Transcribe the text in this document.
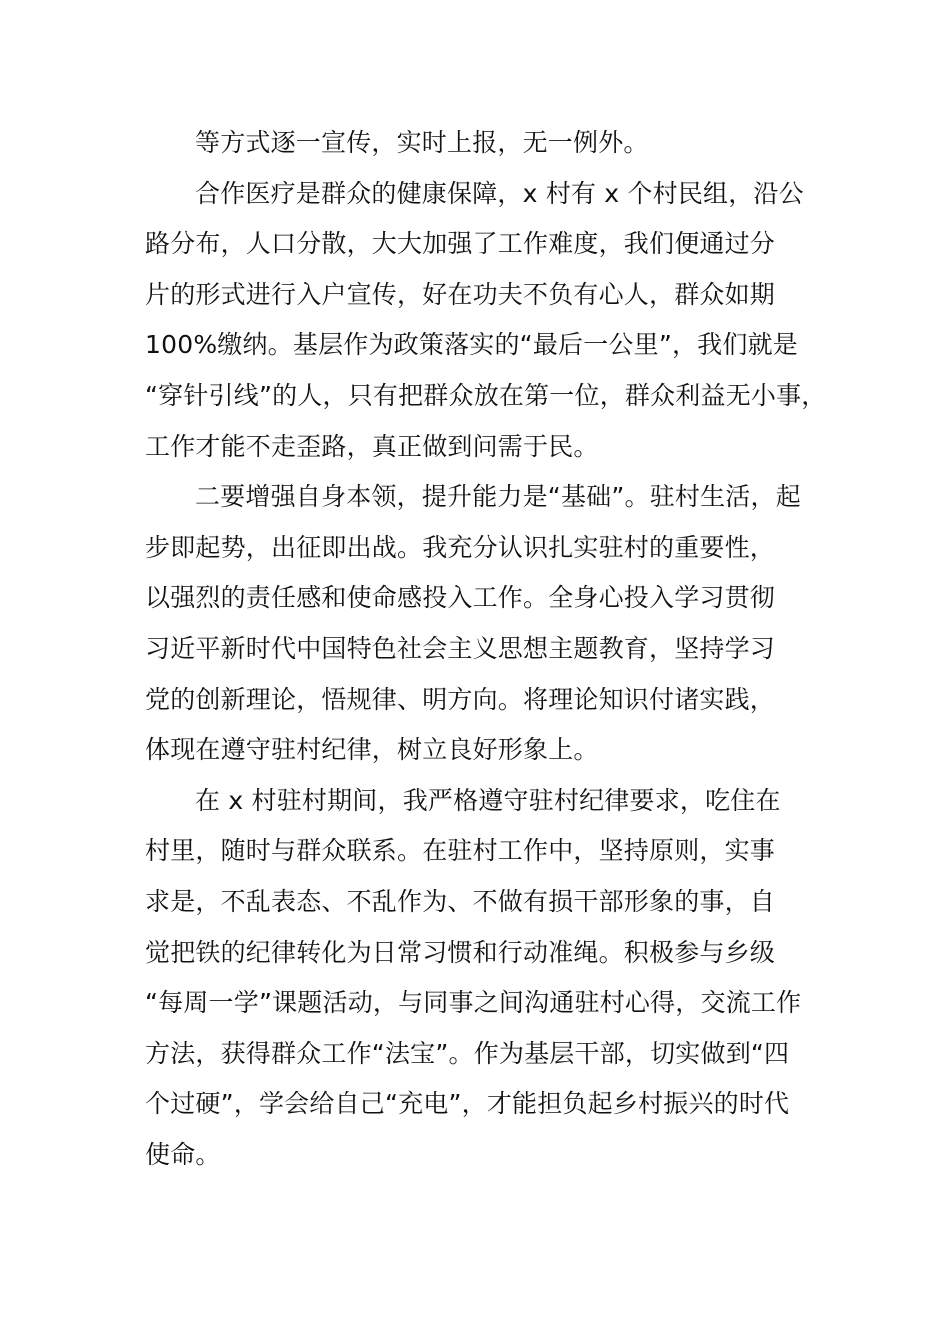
等方式逐一宣传，实时上报，无一例外。
合作医疗是群众的健康保障，x 村有 x 个村民组，沿公
路分布，人口分散，大大加强了工作难度，我们便通过分
片的形式进行入户宣传，好在功夫不负有心人，群众如期
100%缴纳。基层作为政策落实的“最后一公里”，我们就是
“穿针引线”的人，只有把群众放在第一位，群众利益无小事，
工作才能不走歪路，真正做到问需于民。
二要增强自身本领，提升能力是“基础”。驻村生活，起
步即起势，出征即出战。我充分认识扎实驻村的重要性，
以强烈的责任感和使命感投入工作。全身心投入学习贯彻
习近平新时代中国特色社会主义思想主题教育，坚持学习
党的创新理论，悟规律、明方向。将理论知识付诸实践，
体现在遵守驻村纪律，树立良好形象上。
在 x 村驻村期间，我严格遵守驻村纪律要求，吃住在
村里，随时与群众联系。在驻村工作中，坚持原则，实事
求是，不乱表态、不乱作为、不做有损干部形象的事，自
觉把铁的纪律转化为日常习惯和行动准绳。积极参与乡级
“每周一学”课题活动，与同事之间沟通驻村心得，交流工作
方法，获得群众工作“法宝”。作为基层干部，切实做到“四
个过硬”，学会给自己“充电”，才能担负起乡村振兴的时代
使命。
